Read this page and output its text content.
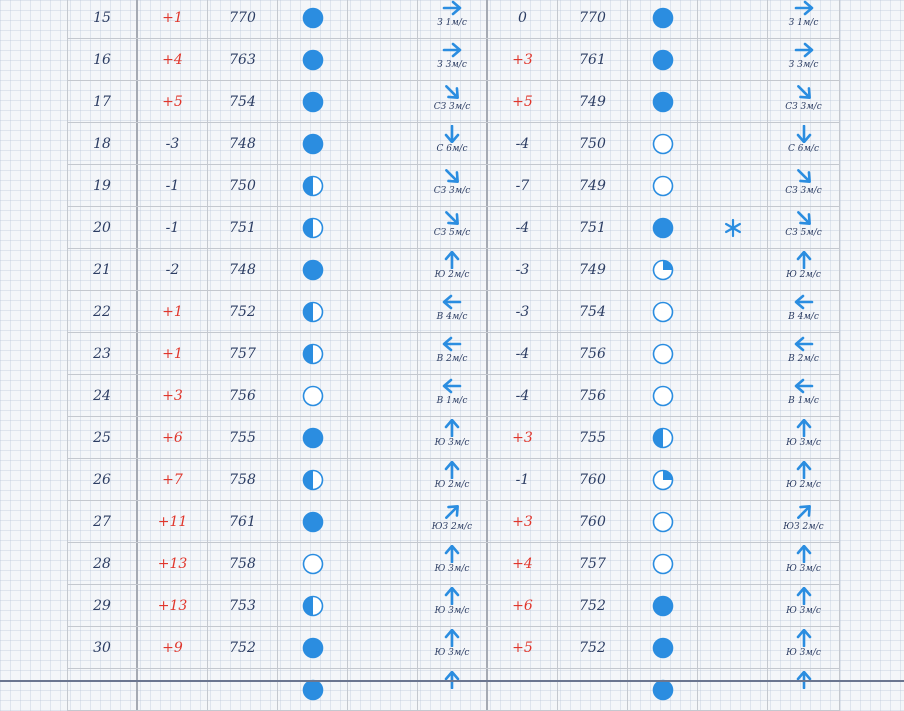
15	+1	770	З 1м/с	0	770	З 1м/с
16	+4	763	З 3м/с	+3	761	З 3м/с
17	+5	754	СЗ 3м/с	+5	749	СЗ 3м/с
18	-3	748	С 6м/с	-4	750	С 6м/с
19	-1	750	СЗ 3м/с	-7	749	СЗ 3м/с
20	-1	751	СЗ 5м/с	-4	751	СЗ 5м/с
21	-2	748	Ю 2м/с	-3	749	Ю 2м/с
22	+1	752	В 4м/с	-3	754	В 4м/с
23	+1	757	В 2м/с	-4	756	В 2м/с
24	+3	756	В 1м/с	-4	756	В 1м/с
25	+6	755	Ю 3м/с	+3	755	Ю 3м/с
26	+7	758	Ю 2м/с	-1	760	Ю 2м/с
27	+11	761	ЮЗ 2м/с	+3	760	ЮЗ 2м/с
28	+13	758	Ю 3м/с	+4	757	Ю 3м/с
29	+13	753	Ю 3м/с	+6	752	Ю 3м/с
30	+9	752	Ю 3м/с	+5	752	Ю 3м/с
